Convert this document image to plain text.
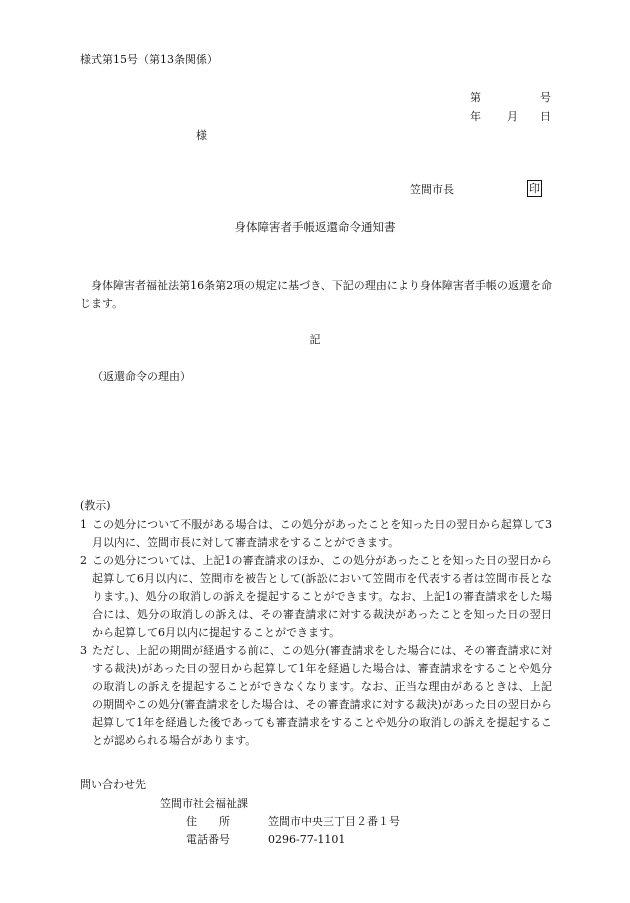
様式第15号（第13条関係）
第	号
年 月 日
様
笠間市長	印
身体障害者手帳返還命令通知書
身体障害者福祉法第16条第2項の規定に基づき、下記の理由により身体障害者手帳の返還を命じます。
記
（返還命令の理由）
(教示)
1 この処分について不服がある場合は、この処分があったことを知った日の翌日から起算して3月以内に、笠間市長に対して審査請求をすることができます。
2 この処分については、上記1の審査請求のほか、この処分があったことを知った日の翌日から起算して6月以内に、笠間市を被告として(訴訟において笠間市を代表する者は笠間市長となります。)、処分の取消しの訴えを提起することができます。なお、上記1の審査請求をした場合には、処分の取消しの訴えは、その審査請求に対する裁決があったことを知った日の翌日から起算して6月以内に提起することができます。
3 ただし、上記の期間が経過する前に、この処分(審査請求をした場合には、その審査請求に対する裁決)があった日の翌日から起算して1年を経過した場合は、審査請求をすることや処分の取消しの訴えを提起することができなくなります。なお、正当な理由があるときは、上記の期間やこの処分(審査請求をした場合は、その審査請求に対する裁決)があった日の翌日から起算して1年を経過した後であっても審査請求をすることや処分の取消しの訴えを提起することが認められる場合があります。
問い合わせ先
笠間市社会福祉課
住　　所	笠間市中央三丁目２番１号
電話番号	0296-77-1101
